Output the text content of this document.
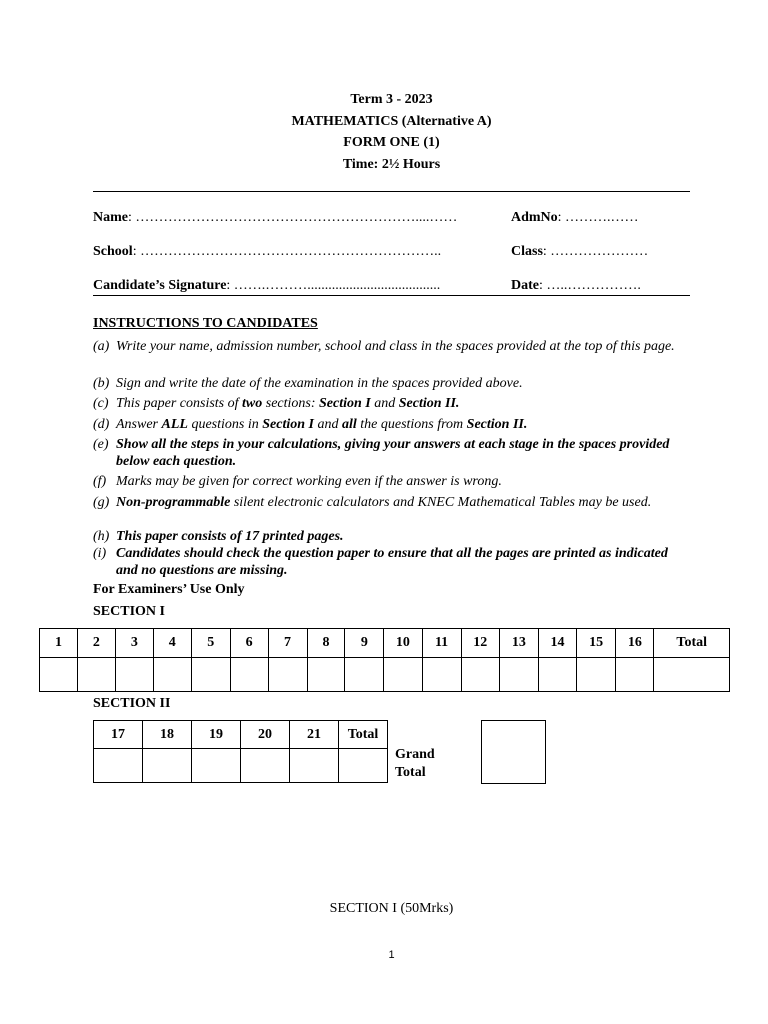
Term 3 - 2023
MATHEMATICS (Alternative A)
FORM ONE (1)
Time: 2½ Hours
Name: ……………………………………………………....……	AdmNo: ……….……
School: ………………………………………………………..	Class: …………………
Candidate’s Signature: …….………......................................	Date: …..…………….
INSTRUCTIONS TO CANDIDATES
(a) Write your name, admission number, school and class in the spaces provided at the top of this page.
(b) Sign and write the date of the examination in the spaces provided above.
(c) This paper consists of two sections: Section I and Section II.
(d) Answer ALL questions in Section I and all the questions from Section II.
(e) Show all the steps in your calculations, giving your answers at each stage in the spaces provided below each question.
(f) Marks may be given for correct working even if the answer is wrong.
(g) Non-programmable silent electronic calculators and KNEC Mathematical Tables may be used.
(h) This paper consists of 17 printed pages.
(i) Candidates should check the question paper to ensure that all the pages are printed as indicated and no questions are missing.
For Examiners’ Use Only
SECTION I
1	2	3	4	5	6	7	8	9	10	11	12	13	14	15	16	Total

SECTION II
17	18	19	20	21	Total

Grand
Total
SECTION I (50Mrks)
1
